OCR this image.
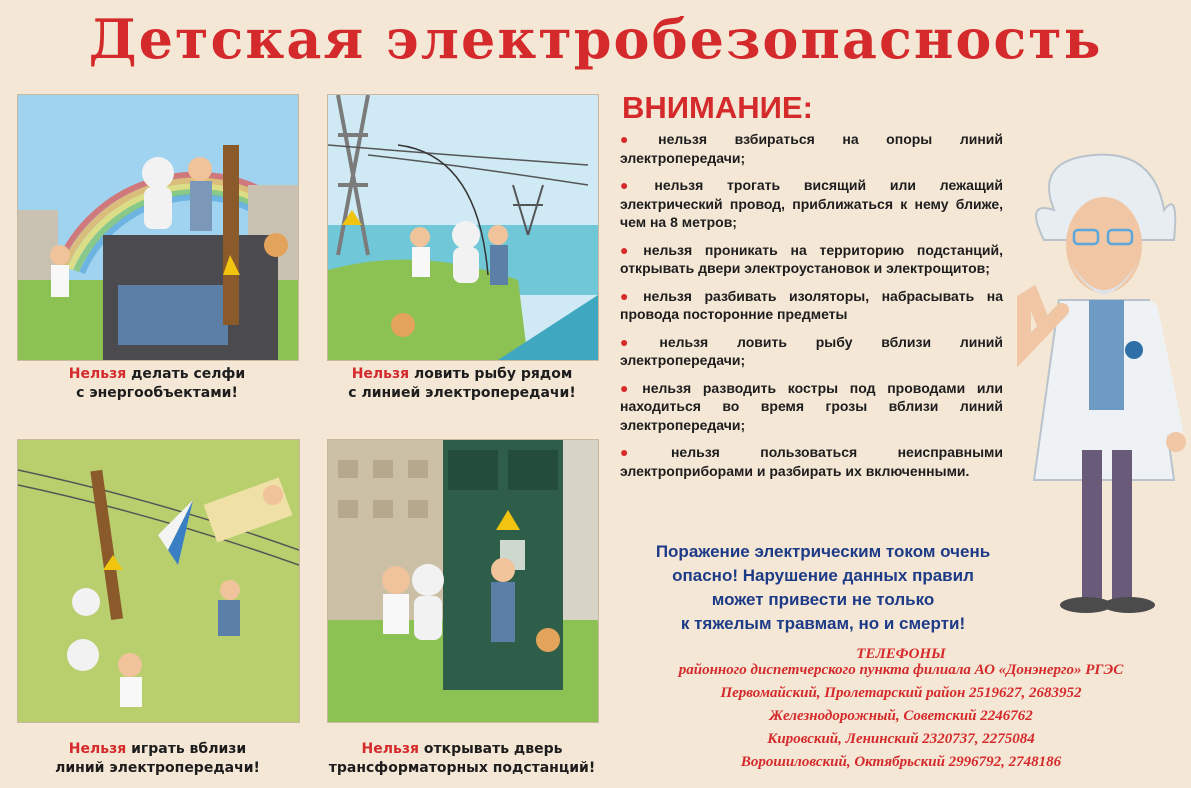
Детская электробезопасность
Нельзя делать селфи
с энергообъектами!
Нельзя ловить рыбу рядом
с линией электропередачи!
Нельзя играть вблизи
линий электропередачи!
Нельзя открывать дверь
трансформаторных подстанций!
ВНИМАНИЕ:
● нельзя взбираться на опоры линий электропередачи;
● нельзя трогать висящий или лежащий электрический провод, приближаться к нему ближе, чем на 8 метров;
● нельзя проникать на территорию подстанций, открывать двери электроустановок и электрощитов;
● нельзя разбивать изоляторы, набрасывать на провода посторонние предметы
● нельзя ловить рыбу вблизи линий электропередачи;
● нельзя разводить костры под проводами или находиться во время грозы вблизи линий электропередачи;
● нельзя пользоваться неисправными электроприборами и разбирать их включенными.
Поражение электрическим током очень
опасно! Нарушение данных правил
может привести не только
к тяжелым травмам, но и смерти!
ТЕЛЕФОНЫ
районного диспетчерского пункта филиала АО «Донэнерго» РГЭС
Первомайский, Пролетарский район 2519627, 2683952
Железнодорожный, Советский 2246762
Кировский, Ленинский 2320737, 2275084
Ворошиловский, Октябрьский 2996792, 2748186
